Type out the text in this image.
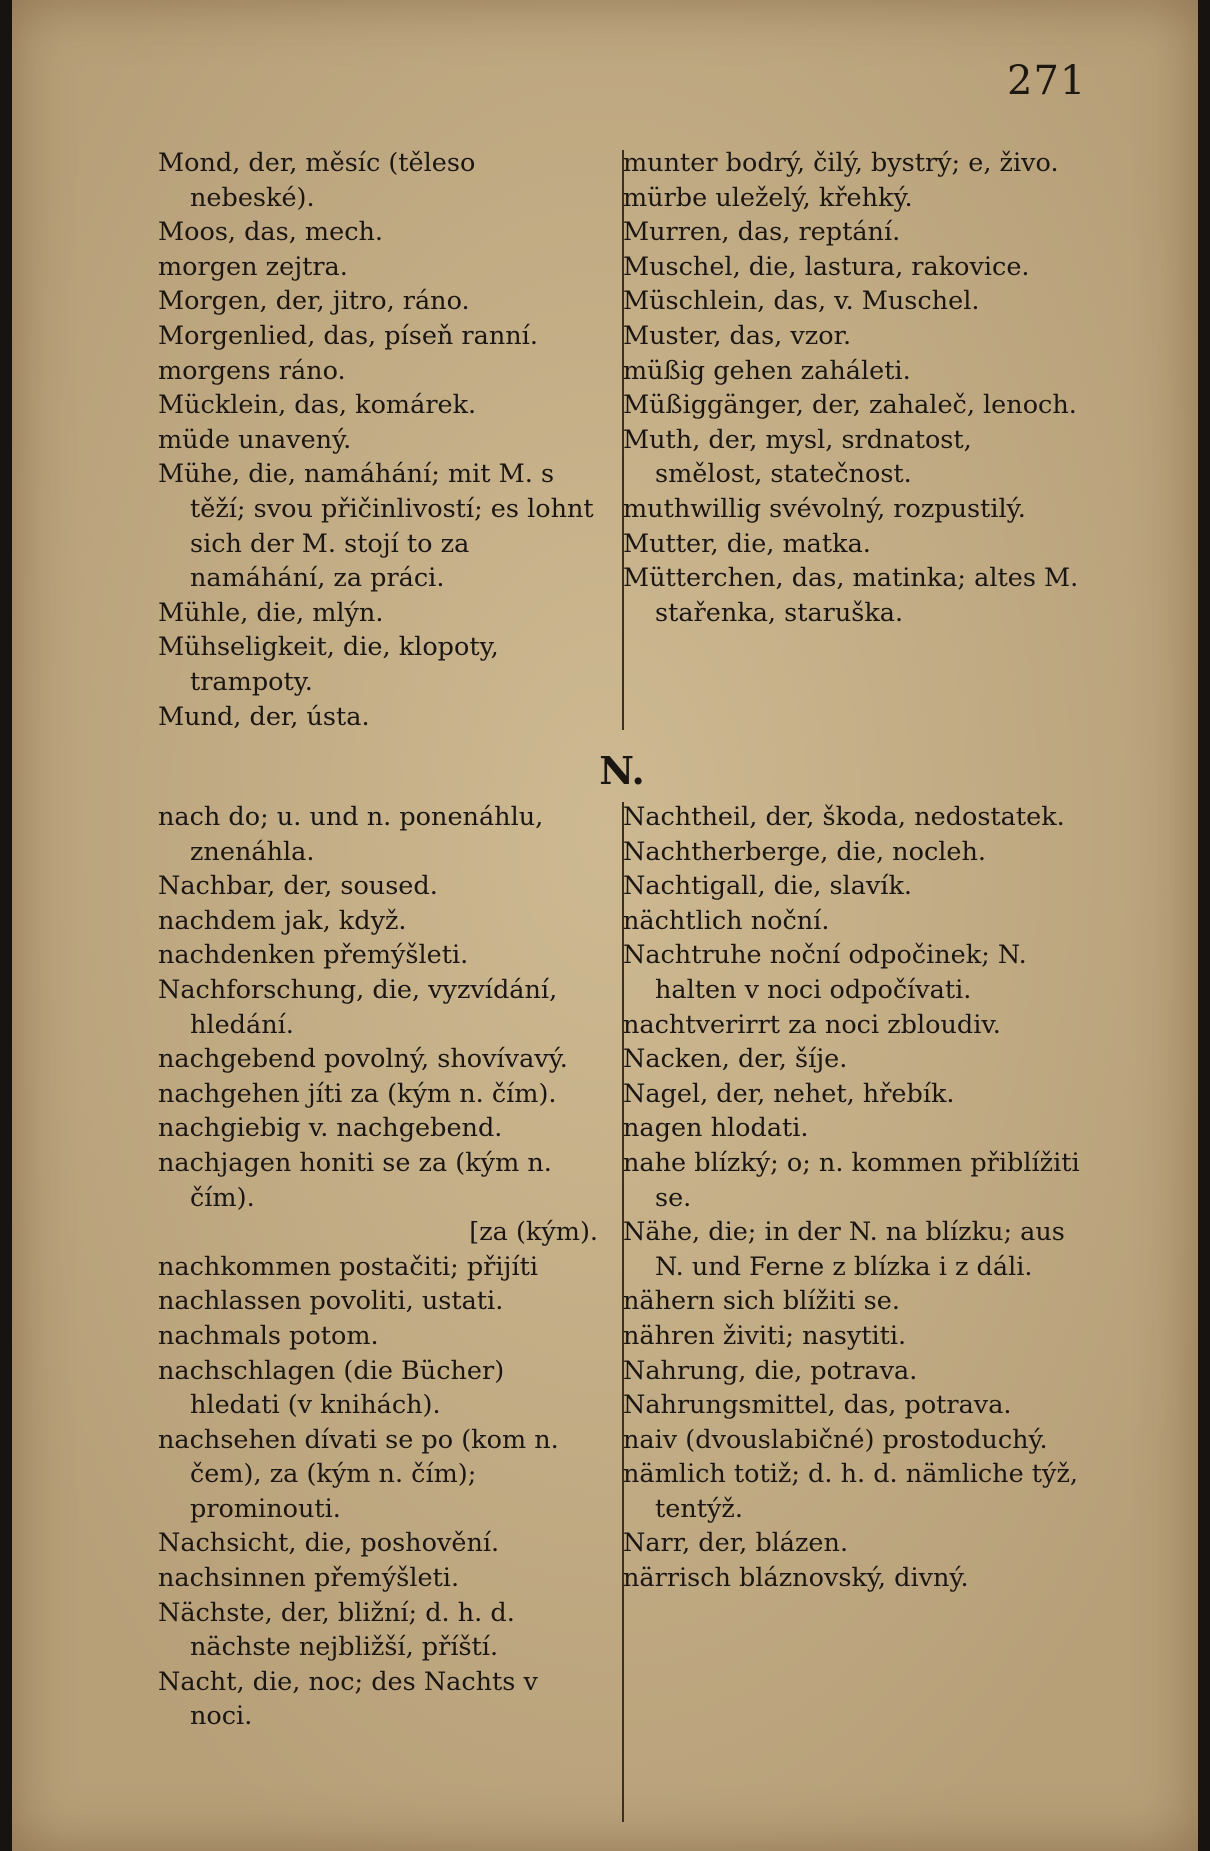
271

Mond, der, měsíc (těleso nebeské).

Moos, das, mech.

morgen zejtra.

Morgen, der, jitro, ráno.

Morgenlied, das, píseň ranní.

morgens ráno.

Mücklein, das, komárek.

müde unavený.

Mühe, die, namáhání; mit M. s těží; svou přičinlivostí; es lohnt sich der M. stojí to za namáhání, za práci.

Mühle, die, mlýn.

Mühseligkeit, die, klopoty, trampoty.

Mund, der, ústa.

munter bodrý, čilý, bystrý; e, živo.

mürbe uleželý, křehký.

Murren, das, reptání.

Muschel, die, lastura, rakovice.

Müschlein, das, v. Muschel.

Muster, das, vzor.

müßig gehen zaháleti.

Müßiggänger, der, zahaleč, lenoch.

Muth, der, mysl, srdnatost, smělost, statečnost.

muthwillig svévolný, rozpustilý.

Mutter, die, matka.

Mütterchen, das, matinka; altes M. stařenka, staruška.

N.

nach do; u. und n. ponenáhlu, znenáhla.

Nachbar, der, soused.

nachdem jak, když.

nachdenken přemýšleti.

Nachforschung, die, vyzvídání, hledání.

nachgebend povolný, shovívavý.

nachgehen jíti za (kým n. čím).

nachgiebig v. nachgebend.

nachjagen honiti se za (kým n. čím).

[za (kým).

nachkommen postačiti; přijíti

nachlassen povoliti, ustati.

nachmals potom.

nachschlagen (die Bücher) hledati (v knihách).

nachsehen dívati se po (kom n. čem), za (kým n. čím); prominouti.

Nachsicht, die, poshovění.

nachsinnen přemýšleti.

Nächste, der, bližní; d. h. d. nächste nejbližší, příští.

Nacht, die, noc; des Nachts v noci.

Nachtheil, der, škoda, nedostatek.

Nachtherberge, die, nocleh.

Nachtigall, die, slavík.

nächtlich noční.

Nachtruhe noční odpočinek; N. halten v noci odpočívati.

nachtverirrt za noci zbloudiv.

Nacken, der, šíje.

Nagel, der, nehet, hřebík.

nagen hlodati.

nahe blízký; o; n. kommen přiblížiti se.

Nähe, die; in der N. na blízku; aus N. und Ferne z blízka i z dáli.

nähern sich blížiti se.

nähren živiti; nasytiti.

Nahrung, die, potrava.

Nahrungsmittel, das, potrava.

naiv (dvouslabičné) prostoduchý.

nämlich totiž; d. h. d. nämliche týž, tentýž.

Narr, der, blázen.

närrisch bláznovský, divný.
